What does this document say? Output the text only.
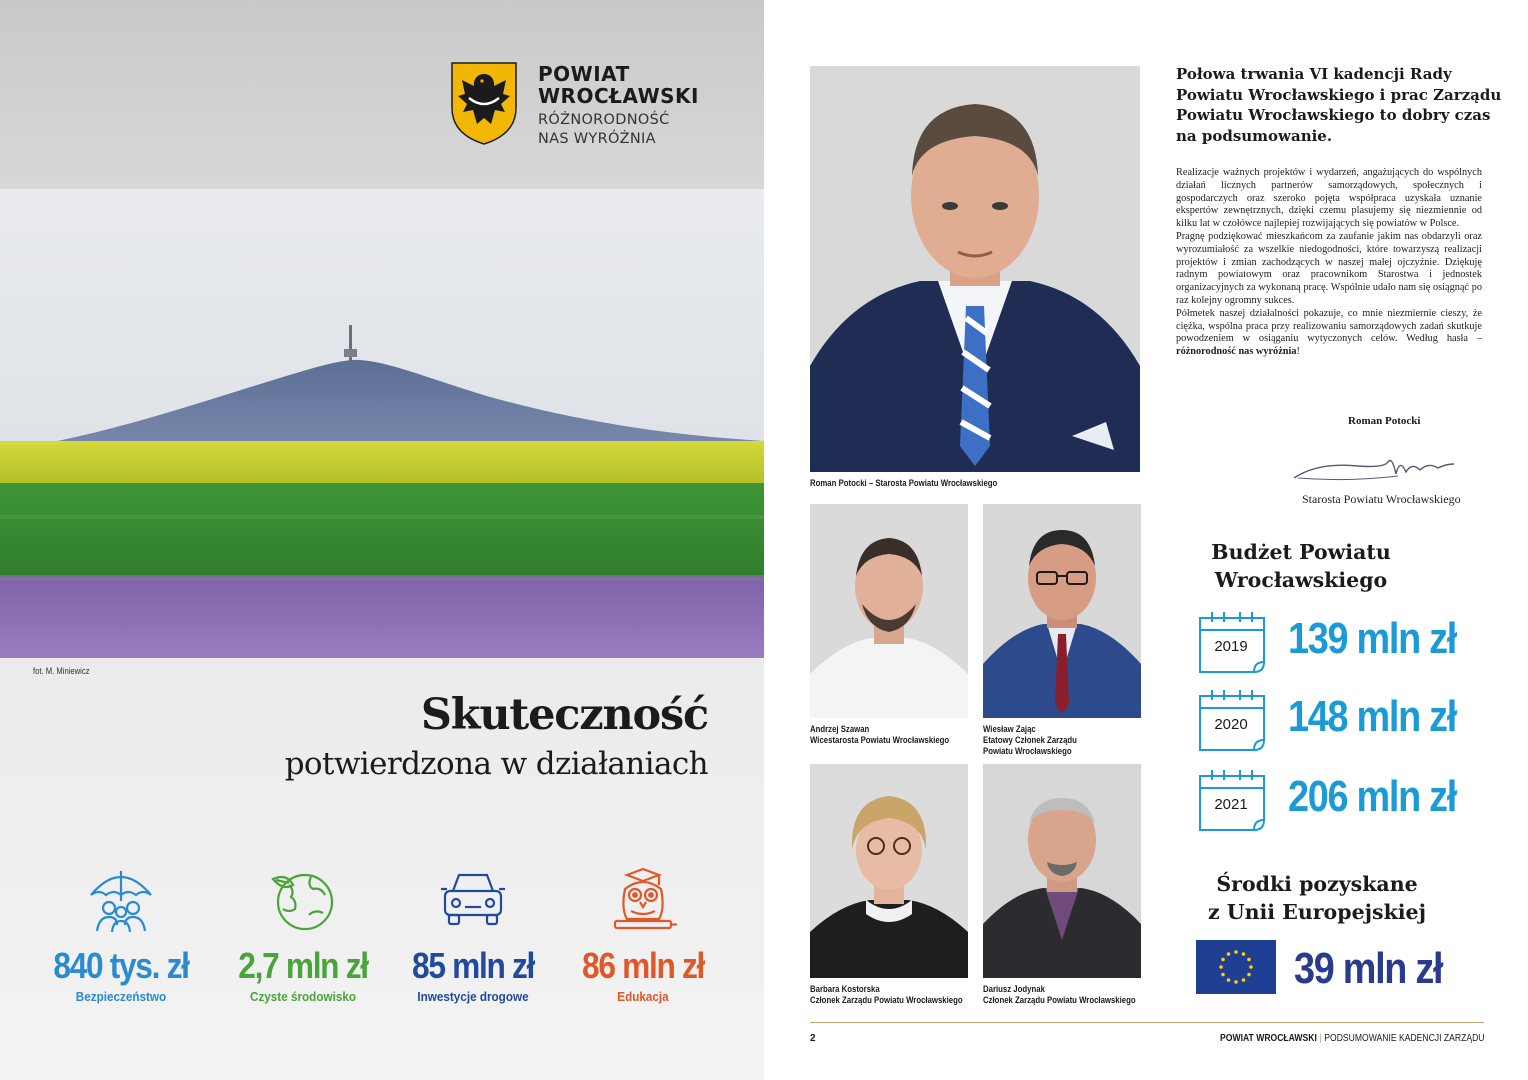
POWIAT
WROCŁAWSKI
RÓŻNORODNOŚĆ
NAS WYRÓŻNIA
fot. M. Miniewicz
Skuteczność
potwierdzona w działaniach
840 tys. zł
Bezpieczeństwo
2,7 mln zł
Czyste środowisko
85 mln zł
Inwestycje drogowe
86 mln zł
Edukacja
Roman Potocki – Starosta Powiatu Wrocławskiego
Andrzej Szawan
Wicestarosta Powiatu Wrocławskiego
Wiesław Zając
Etatowy Członek Zarządu
Powiatu Wrocławskiego
Barbara Kostorska
Członek Zarządu Powiatu Wrocławskiego
Dariusz Jodynak
Członek Zarządu Powiatu Wrocławskiego
Połowa trwania VI kadencji Rady Powiatu Wrocławskiego i prac Zarządu Powiatu Wrocławskiego to dobry czas na podsumowanie.

Realizacje ważnych projektów i wydarzeń, angażujących do wspólnych działań licznych partnerów samorządowych, społecznych i gospodarczych oraz szeroko pojęta współpraca uzyskała uznanie ekspertów zewnętrznych, dzięki czemu plasujemy się niezmiennie od kilku lat w czołówce najlepiej rozwijających się powiatów w Polsce.

Pragnę podziękować mieszkańcom za zaufanie jakim nas obdarzyli oraz wyrozumiałość za wszelkie niedogodności, które towarzyszą realizacji projektów i zmian zachodzących w naszej małej ojczyźnie. Dziękuję radnym powiatowym oraz pracownikom Starostwa i jednostek organizacyjnych za wykonaną pracę. Wspólnie udało nam się osiągnąć po raz kolejny ogromny sukces.

Półmetek naszej działalności pokazuje, co mnie niezmiernie cieszy, że ciężka, wspólna praca przy realizowaniu samorządowych zadań skutkuje powodzeniem w osiąganiu wytyczonych celów. Według hasła – różnorodność nas wyróżnia!

Roman Potocki
Starosta Powiatu Wrocławskiego
Budżet Powiatu
Wrocławskiego
2019 139 mln zł
2020 148 mln zł
2021 206 mln zł
Środki pozyskane
z Unii Europejskiej
39 mln zł
2	POWIAT WROCŁAWSKI | PODSUMOWANIE KADENCJI ZARZĄDU
